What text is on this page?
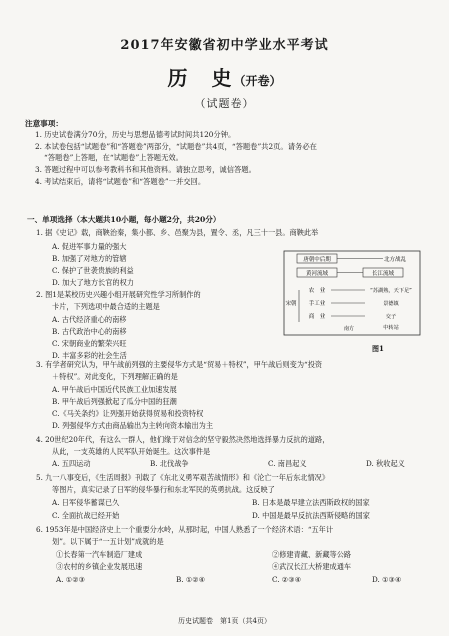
2017年安徽省初中学业水平考试
历　史（开卷）
（试题卷）
注意事项：
1. 历史试卷满分70分，历史与思想品德考试时间共120分钟。
2. 本试卷包括“试题卷”和“答题卷”两部分，“试题卷”共4页，“答题卷”共2页。请务必在
“答题卷”上答题，在“试题卷”上答题无效。
3. 答题过程中可以参考教科书和其他资料。请独立思考，诚信答题。
4. 考试结束后，请将“试题卷”和“答题卷”一并交回。
一、单项选择（本大题共10小题，每小题2分，共20分）
1. 据《史记》载，商鞅治秦，集小都、乡、邑聚为县，置令、丞，凡三十一县。商鞅此举
A. 促进军事力量的强大
B. 加强了对地方的管辖
C. 保护了世袭贵族的利益
D. 加大了地方长官的权力
2. 图1是某校历史兴趣小组开展研究性学习所制作的
卡片，下列选项中最合适的主题是
A. 古代经济重心的南移
B. 古代政治中心的南移
C. 宋朝商业的繁荣兴旺
D. 丰富多彩的社会生活
唐朝中后期	北方战乱
黄河流域	长江流域
宋朝
农　业
手工业
商　业
“苏湖熟，天下足”
景德镇
交子
中转站
南方
图1
3. 有学者研究认为，甲午战前列强的主要侵华方式是“贸易＋特权”，甲午战后则变为“投资
＋特权”。对此变化，下列理解正确的是
A. 甲午战后中国近代民族工业加速发展
B. 甲午战后列强掀起了瓜分中国的狂潮
C.《马关条约》让列强开始获得贸易和投资特权
D. 列强侵华方式由商品输出为主转向资本输出为主
4. 20世纪20年代，有这么一群人，他们缘于对信念的坚守毅然决然地选择暴力反抗的道路，
从此，一支英雄的人民军队开始诞生。这次事件是
A. 五四运动	B. 北伐战争	C. 南昌起义	D. 秋收起义
5. 九一八事变后，《生活周报》刊载了《东北义勇军艰苦战情形》和《沦亡一年后东北情况》
等图片，真实记录了日军的侵华暴行和东北军民的英勇抗战。这反映了
A. 日军侵华蓄谋已久	B. 日本是最早建立法西斯政权的国家
C. 全面抗战已经开始	D. 中国是最早反抗法西斯侵略的国家
6. 1953年是中国经济史上一个重要分水岭，从那时起，中国人熟悉了一个经济术语：“五年计
划”。以下属于“一五计划”成就的是
①长春第一汽车制造厂建成	②修建青藏、新藏等公路
③农村的乡镇企业发展迅速	④武汉长江大桥建成通车
A. ①②③	B. ①②④	C. ②③④	D. ①③④
历史试题卷　第1页（共4页）
